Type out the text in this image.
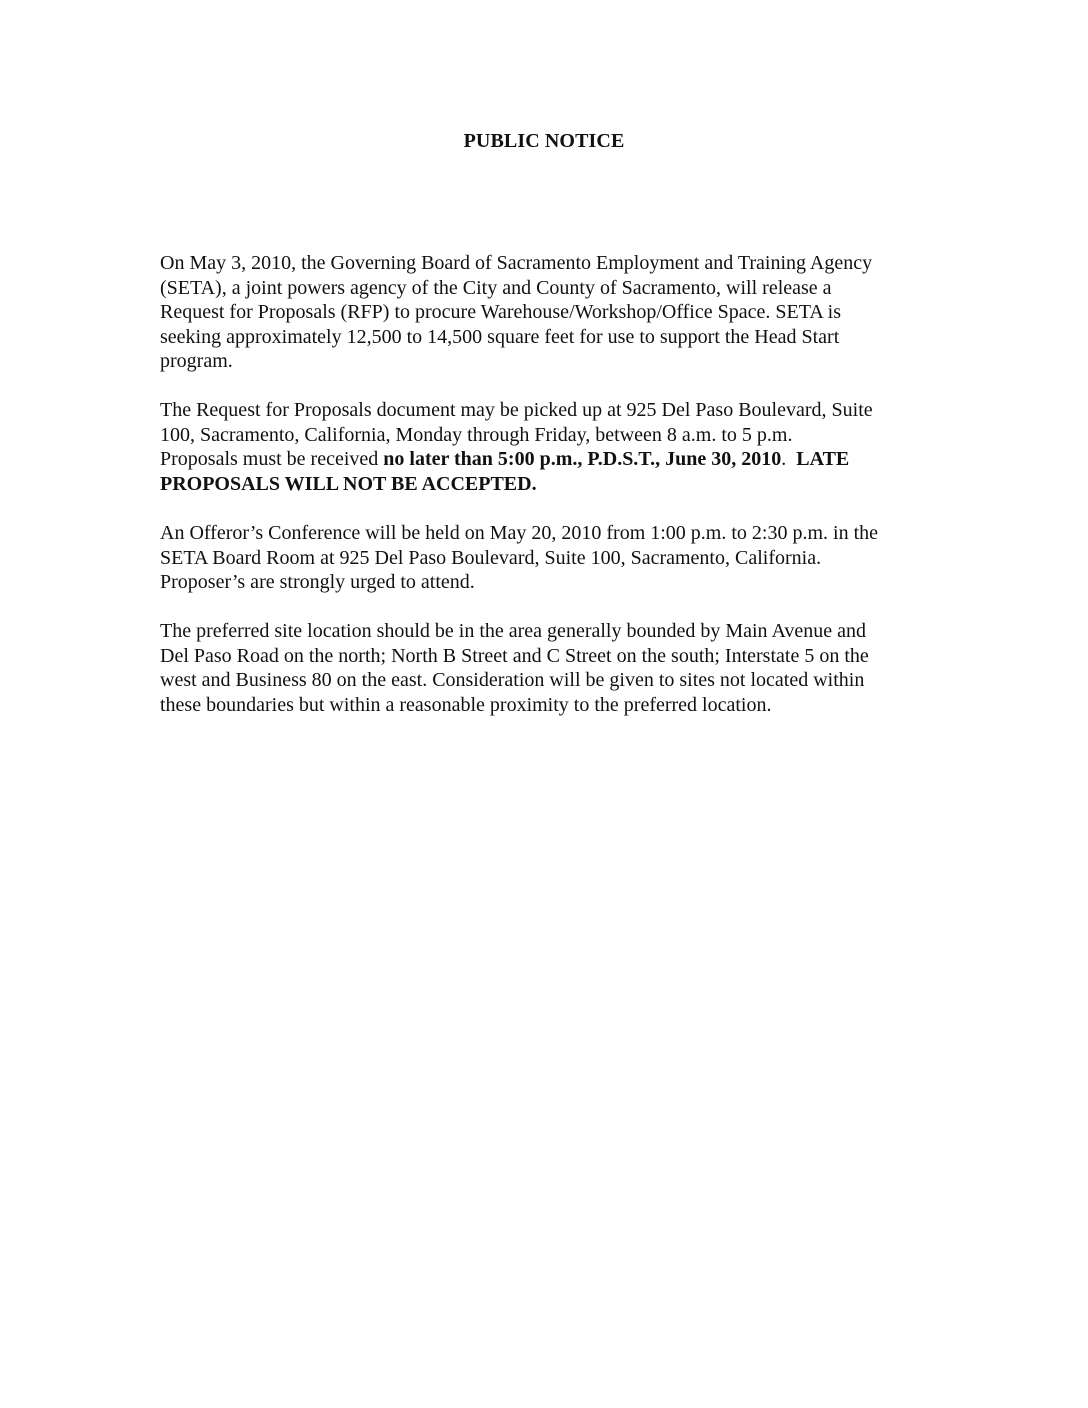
PUBLIC NOTICE

On May 3, 2010, the Governing Board of Sacramento Employment and Training Agency
(SETA), a joint powers agency of the City and County of Sacramento, will release a
Request for Proposals (RFP) to procure Warehouse/Workshop/Office Space. SETA is
seeking approximately 12,500 to 14,500 square feet for use to support the Head Start
program.

The Request for Proposals document may be picked up at 925 Del Paso Boulevard, Suite
100, Sacramento, California, Monday through Friday, between 8 a.m. to 5 p.m.
Proposals must be received no later than 5:00 p.m., P.D.S.T., June 30, 2010.  LATE
PROPOSALS WILL NOT BE ACCEPTED.

An Offeror’s Conference will be held on May 20, 2010 from 1:00 p.m. to 2:30 p.m. in the
SETA Board Room at 925 Del Paso Boulevard, Suite 100, Sacramento, California.
Proposer’s are strongly urged to attend.

The preferred site location should be in the area generally bounded by Main Avenue and
Del Paso Road on the north; North B Street and C Street on the south; Interstate 5 on the
west and Business 80 on the east. Consideration will be given to sites not located within
these boundaries but within a reasonable proximity to the preferred location.
